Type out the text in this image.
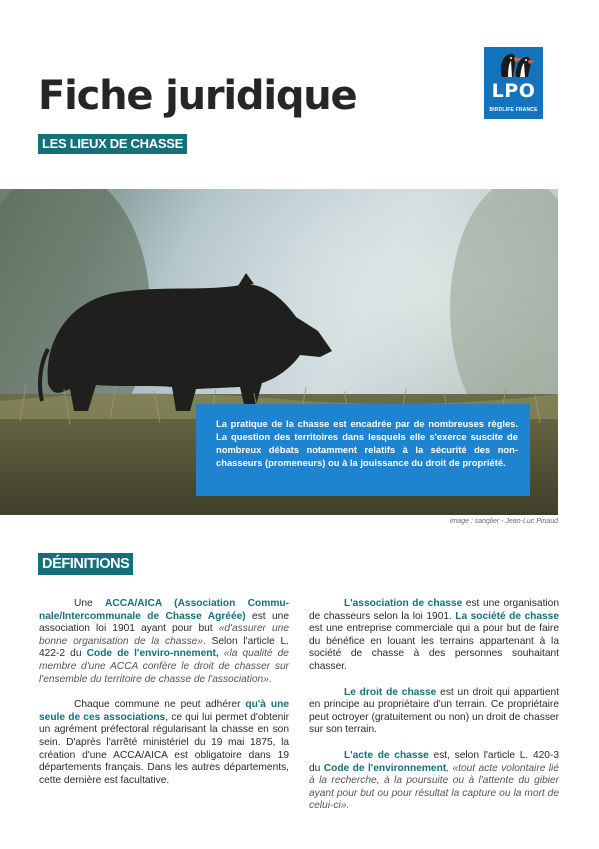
Fiche juridique
LES LIEUX DE CHASSE
LPO
BIRDLIFE FRANCE
La pratique de la chasse est encadrée par de nombreuses règles. La question des territoires dans lesquels elle s'exerce suscite de nombreux débats notamment relatifs à la sécurité des non-chasseurs (promeneurs) ou à la jouissance du droit de propriété.
image : sanglier - Jean-Luc Pinaud
DÉFINITIONS

Une ACCA/AICA (Association Commu-nale/Intercommunale de Chasse Agréée) est une association loi 1901 ayant pour but «d'assurer une bonne organisation de la chasse». Selon l'article L. 422-2 du Code de l'enviro-nnement, «la qualité de membre d'une ACCA confère le droit de chasser sur l'ensemble du territoire de chasse de l'association».

Chaque commune ne peut adhérer qu'à une seule de ces associations, ce qui lui permet d'obtenir un agrément préfectoral régularisant la chasse en son sein. D'après l'arrêté ministériel du 19 mai 1875, la création d'une ACCA/AICA est obligatoire dans 19 départements français. Dans les autres départements, cette dernière est facultative.

L'association de chasse est une organisation de chasseurs selon la loi 1901. La société de chasse est une entreprise commerciale qui a pour but de faire du bénéfice en louant les terrains appartenant à la société de chasse à des personnes souhaitant chasser.

Le droit de chasse est un droit qui appartient en principe au propriétaire d'un terrain. Ce propriétaire peut octroyer (gratuitement ou non) un droit de chasser sur son terrain.

L'acte de chasse est, selon l'article L. 420-3 du Code de l'environnement, «tout acte volontaire lié à la recherche, à la poursuite ou à l'attente du gibier ayant pour but ou pour résultat la capture ou la mort de celui-ci».
